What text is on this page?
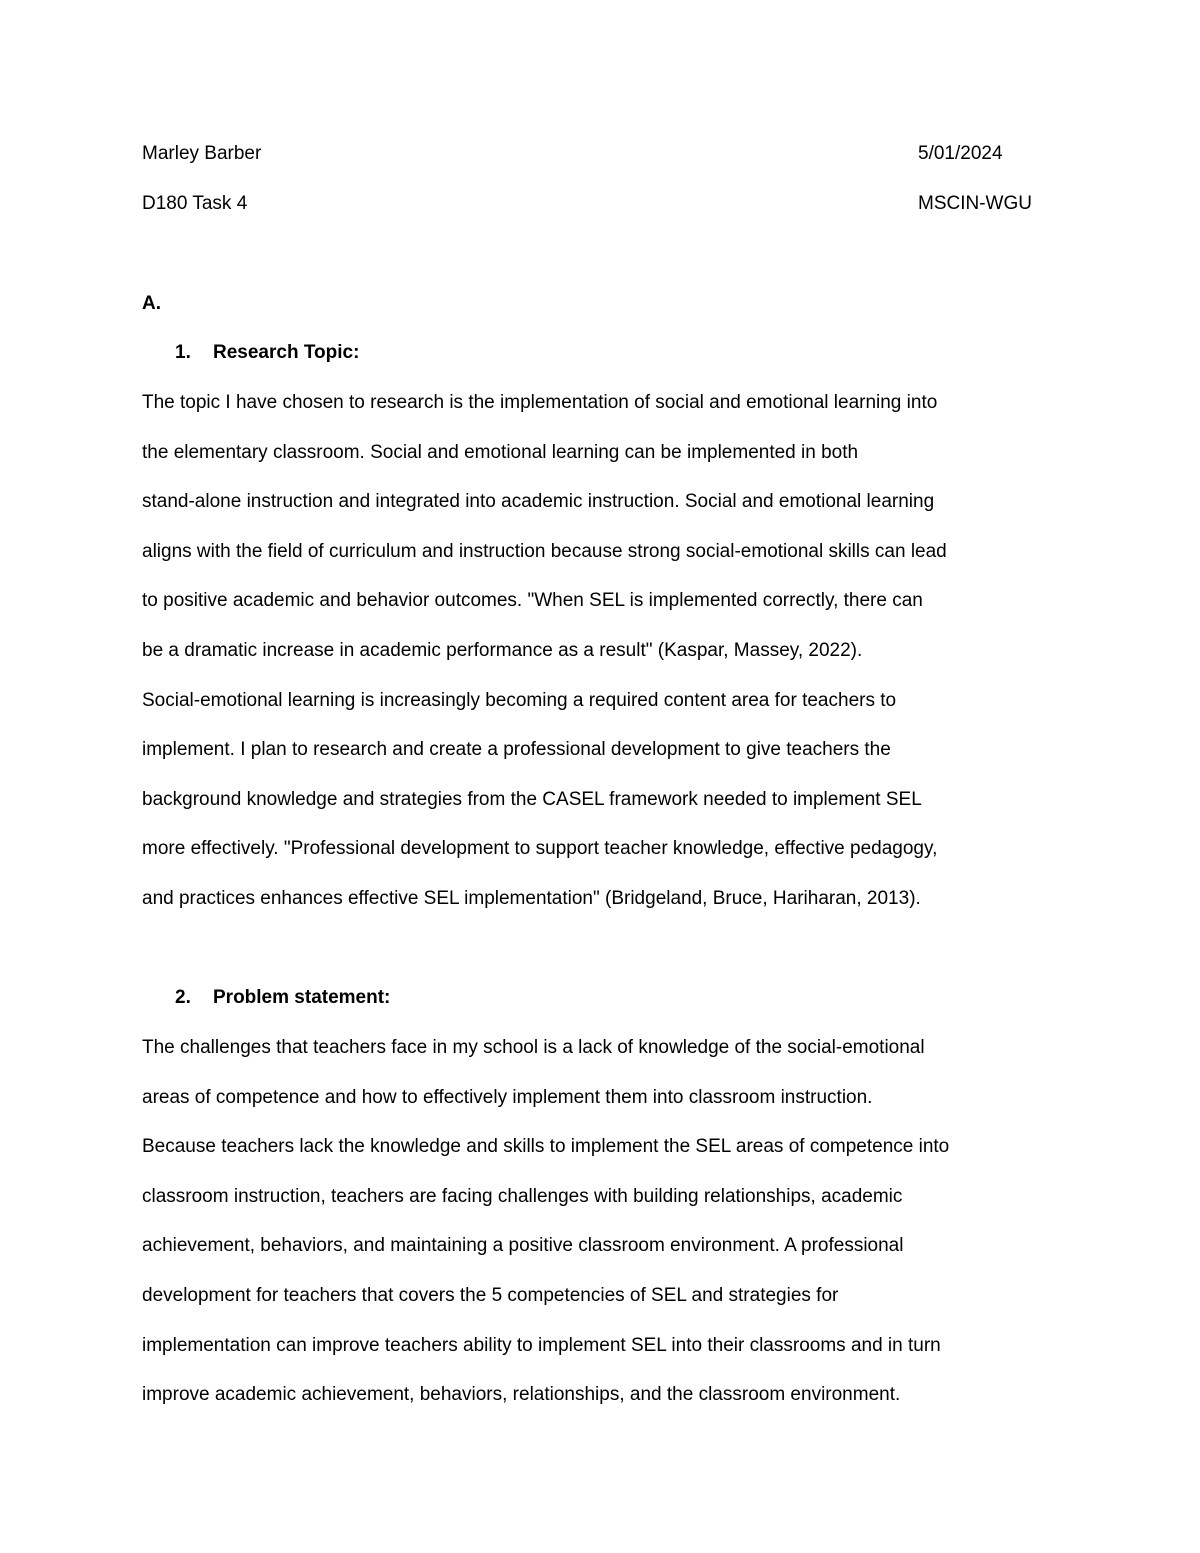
Marley Barber	5/01/2024
D180 Task 4	MSCIN-WGU
A.
1. Research Topic:

The topic I have chosen to research is the implementation of social and emotional learning into
the elementary classroom. Social and emotional learning can be implemented in both
stand-alone instruction and integrated into academic instruction. Social and emotional learning
aligns with the field of curriculum and instruction because strong social-emotional skills can lead
to positive academic and behavior outcomes. "When SEL is implemented correctly, there can
be a dramatic increase in academic performance as a result" (Kaspar, Massey, 2022).
Social-emotional learning is increasingly becoming a required content area for teachers to
implement. I plan to research and create a professional development to give teachers the
background knowledge and strategies from the CASEL framework needed to implement SEL
more effectively. "Professional development to support teacher knowledge, effective pedagogy,
and practices enhances effective SEL implementation" (Bridgeland, Bruce, Hariharan, 2013).

2. Problem statement:

The challenges that teachers face in my school is a lack of knowledge of the social-emotional
areas of competence and how to effectively implement them into classroom instruction.
Because teachers lack the knowledge and skills to implement the SEL areas of competence into
classroom instruction, teachers are facing challenges with building relationships, academic
achievement, behaviors, and maintaining a positive classroom environment. A professional
development for teachers that covers the 5 competencies of SEL and strategies for
implementation can improve teachers ability to implement SEL into their classrooms and in turn
improve academic achievement, behaviors, relationships, and the classroom environment.
